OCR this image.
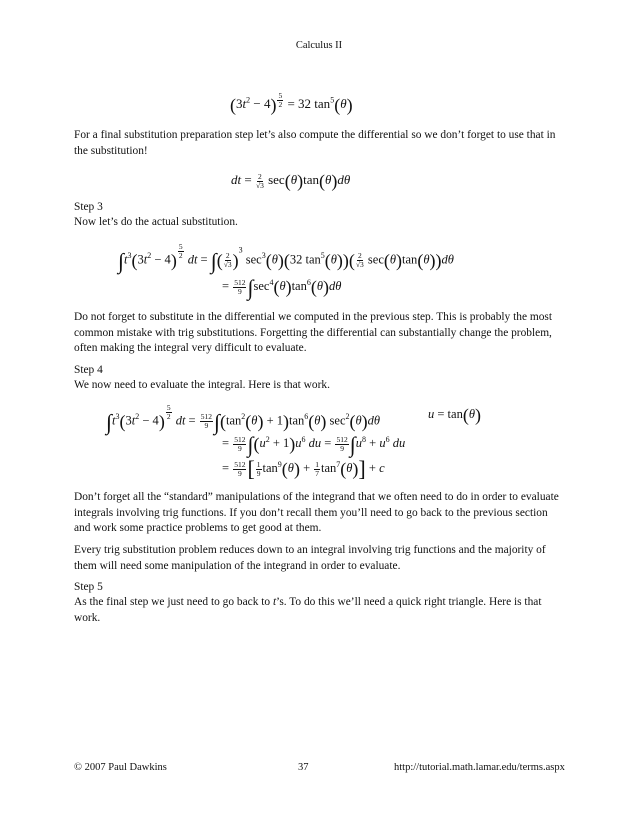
Calculus II
$(3t^2 - 4) ^{\frac{5}{2}} = 32$ $\tan^5(\theta)$
For a final substitution preparation step let’s also compute the differential so we don’t forget to use that in the substitution!
dt = $\frac{2}{√3} \sec(\theta)\tan(\theta)d\theta$
Step 3
Now let’s do the actual substitution.
$\int t^3(3t^2 - 4)$ $^{\frac{5}{2}}$ dt = ∫( $\frac{2}{√3} )^3$ $\sec^3(\theta)(32$ $\tan^5(\theta))( \frac{2}{√3} \sec(\theta)\tan(\theta))d\theta$
= $\frac{512}{9} \int\sec^4(\theta)\tan^6(\theta)d\theta$
Do not forget to substitute in the differential we computed in the previous step. This is probably the most common mistake with trig substitutions. Forgetting the differential can substantially change the problem, often making the integral very difficult to evaluate.
Step 4
We now need to evaluate the integral. Here is that work.
$\int t^3(3t^2 - 4)$ $^{\frac{5}{2}}$ dt = $\frac{512}{9} \int(\tan^2(\theta) + 1)\tan^6(\theta)$ $\sec^2(\theta)d\theta$	u = tan(θ)
= $\frac{512}{9} \int(u^2 + 1)u^6$ du = $\frac{512}{9} \int u^8 + u^6$ du
= $\frac{512}{9}$ [ $\frac{1}{9} \tan^9(\theta) + \frac{1}{7} \tan^7(\theta)] + c$
Don’t forget all the “standard” manipulations of the integrand that we often need to do in order to evaluate integrals involving trig functions. If you don’t recall them you’ll need to go back to the previous section and work some practice problems to get good at them.
Every trig substitution problem reduces down to an integral involving trig functions and the majority of them will need some manipulation of the integrand in order to evaluate.
Step 5
As the final step we just need to go back to t’s. To do this we’ll need a quick right triangle. Here is that work.
© 2007 Paul Dawkins	37	http://tutorial.math.lamar.edu/terms.aspx
